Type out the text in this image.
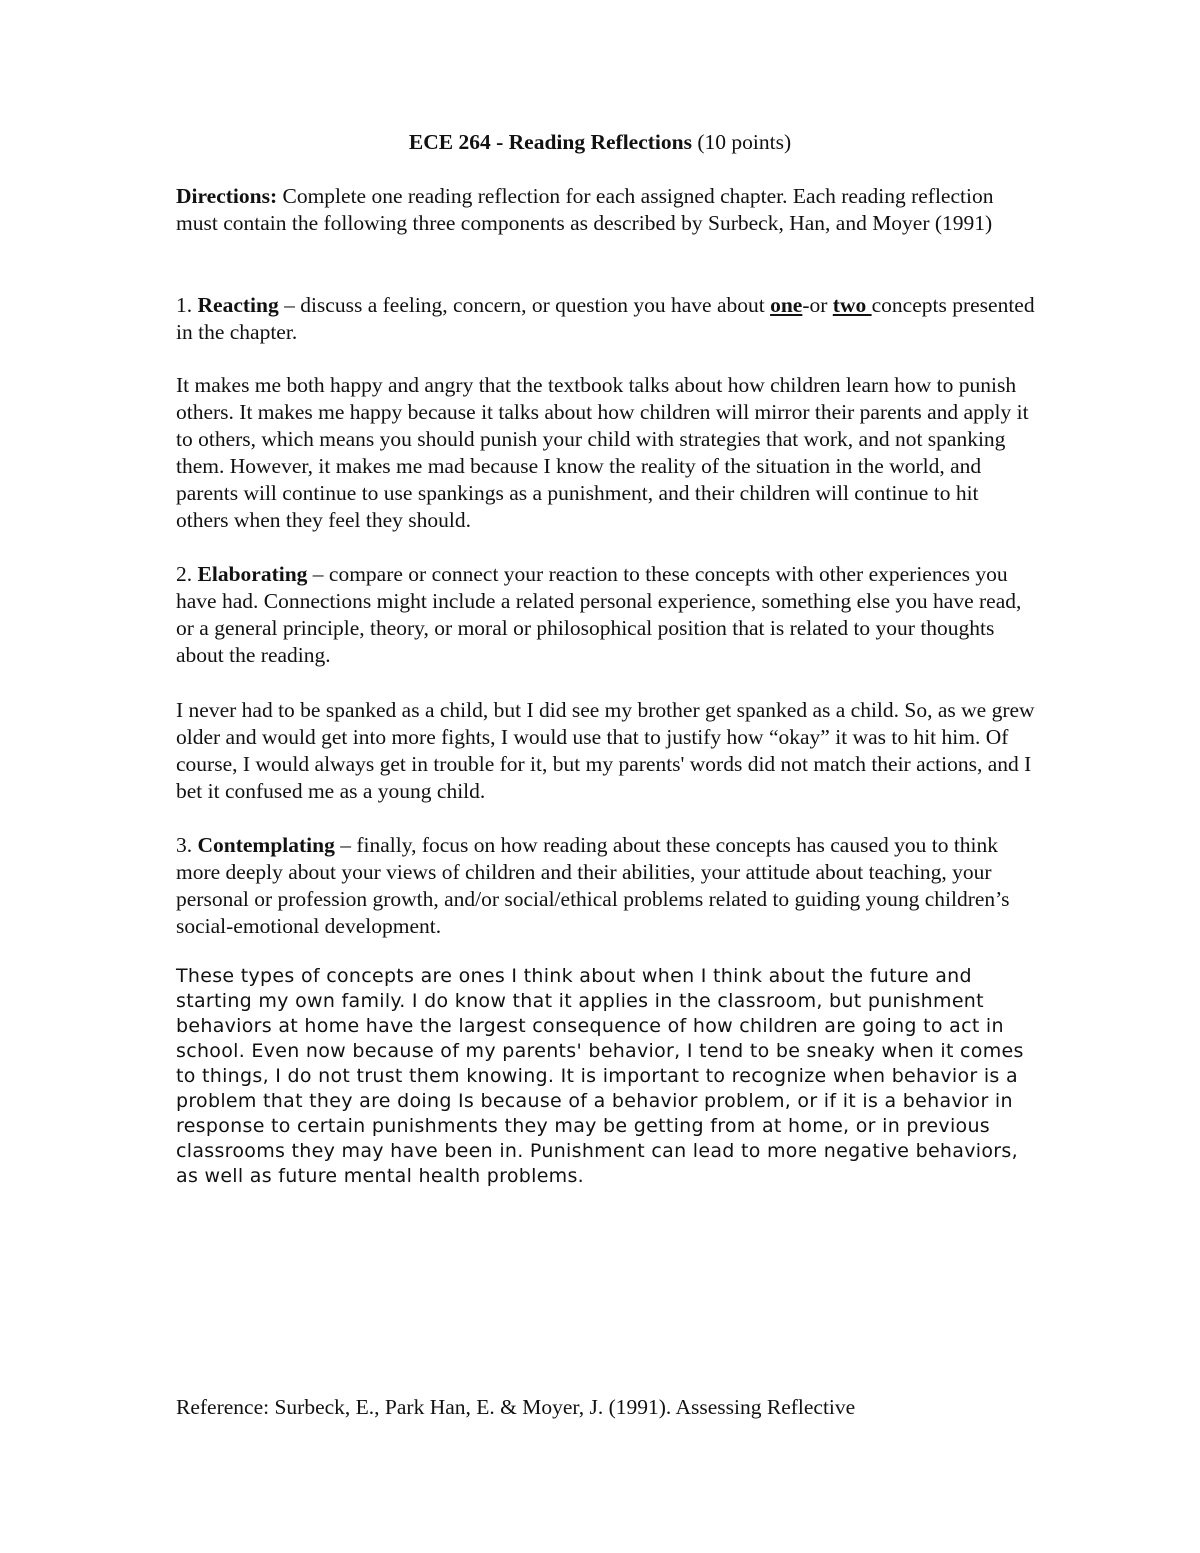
ECE 264 - Reading Reflections (10 points)

Directions: Complete one reading reflection for each assigned chapter. Each reading reflection must contain the following three components as described by Surbeck, Han, and Moyer (1991)

1. Reacting – discuss a feeling, concern, or question you have about one-or two concepts presented in the chapter.

It makes me both happy and angry that the textbook talks about how children learn how to punish others. It makes me happy because it talks about how children will mirror their parents and apply it to others, which means you should punish your child with strategies that work, and not spanking them. However, it makes me mad because I know the reality of the situation in the world, and parents will continue to use spankings as a punishment, and their children will continue to hit others when they feel they should.

2. Elaborating – compare or connect your reaction to these concepts with other experiences you have had. Connections might include a related personal experience, something else you have read, or a general principle, theory, or moral or philosophical position that is related to your thoughts about the reading.

I never had to be spanked as a child, but I did see my brother get spanked as a child. So, as we grew older and would get into more fights, I would use that to justify how “okay” it was to hit him. Of course, I would always get in trouble for it, but my parents' words did not match their actions, and I bet it confused me as a young child.

3. Contemplating – finally, focus on how reading about these concepts has caused you to think more deeply about your views of children and their abilities, your attitude about teaching, your personal or profession growth, and/or social/ethical problems related to guiding young children’s social-emotional development.

These types of concepts are ones I think about when I think about the future and starting my own family. I do know that it applies in the classroom, but punishment behaviors at home have the largest consequence of how children are going to act in school. Even now because of my parents' behavior, I tend to be sneaky when it comes to things, I do not trust them knowing. It is important to recognize when behavior is a problem that they are doing Is because of a behavior problem, or if it is a behavior in response to certain punishments they may be getting from at home, or in previous classrooms they may have been in. Punishment can lead to more negative behaviors, as well as future mental health problems.

Reference: Surbeck, E., Park Han, E. & Moyer, J. (1991). Assessing Reflective
